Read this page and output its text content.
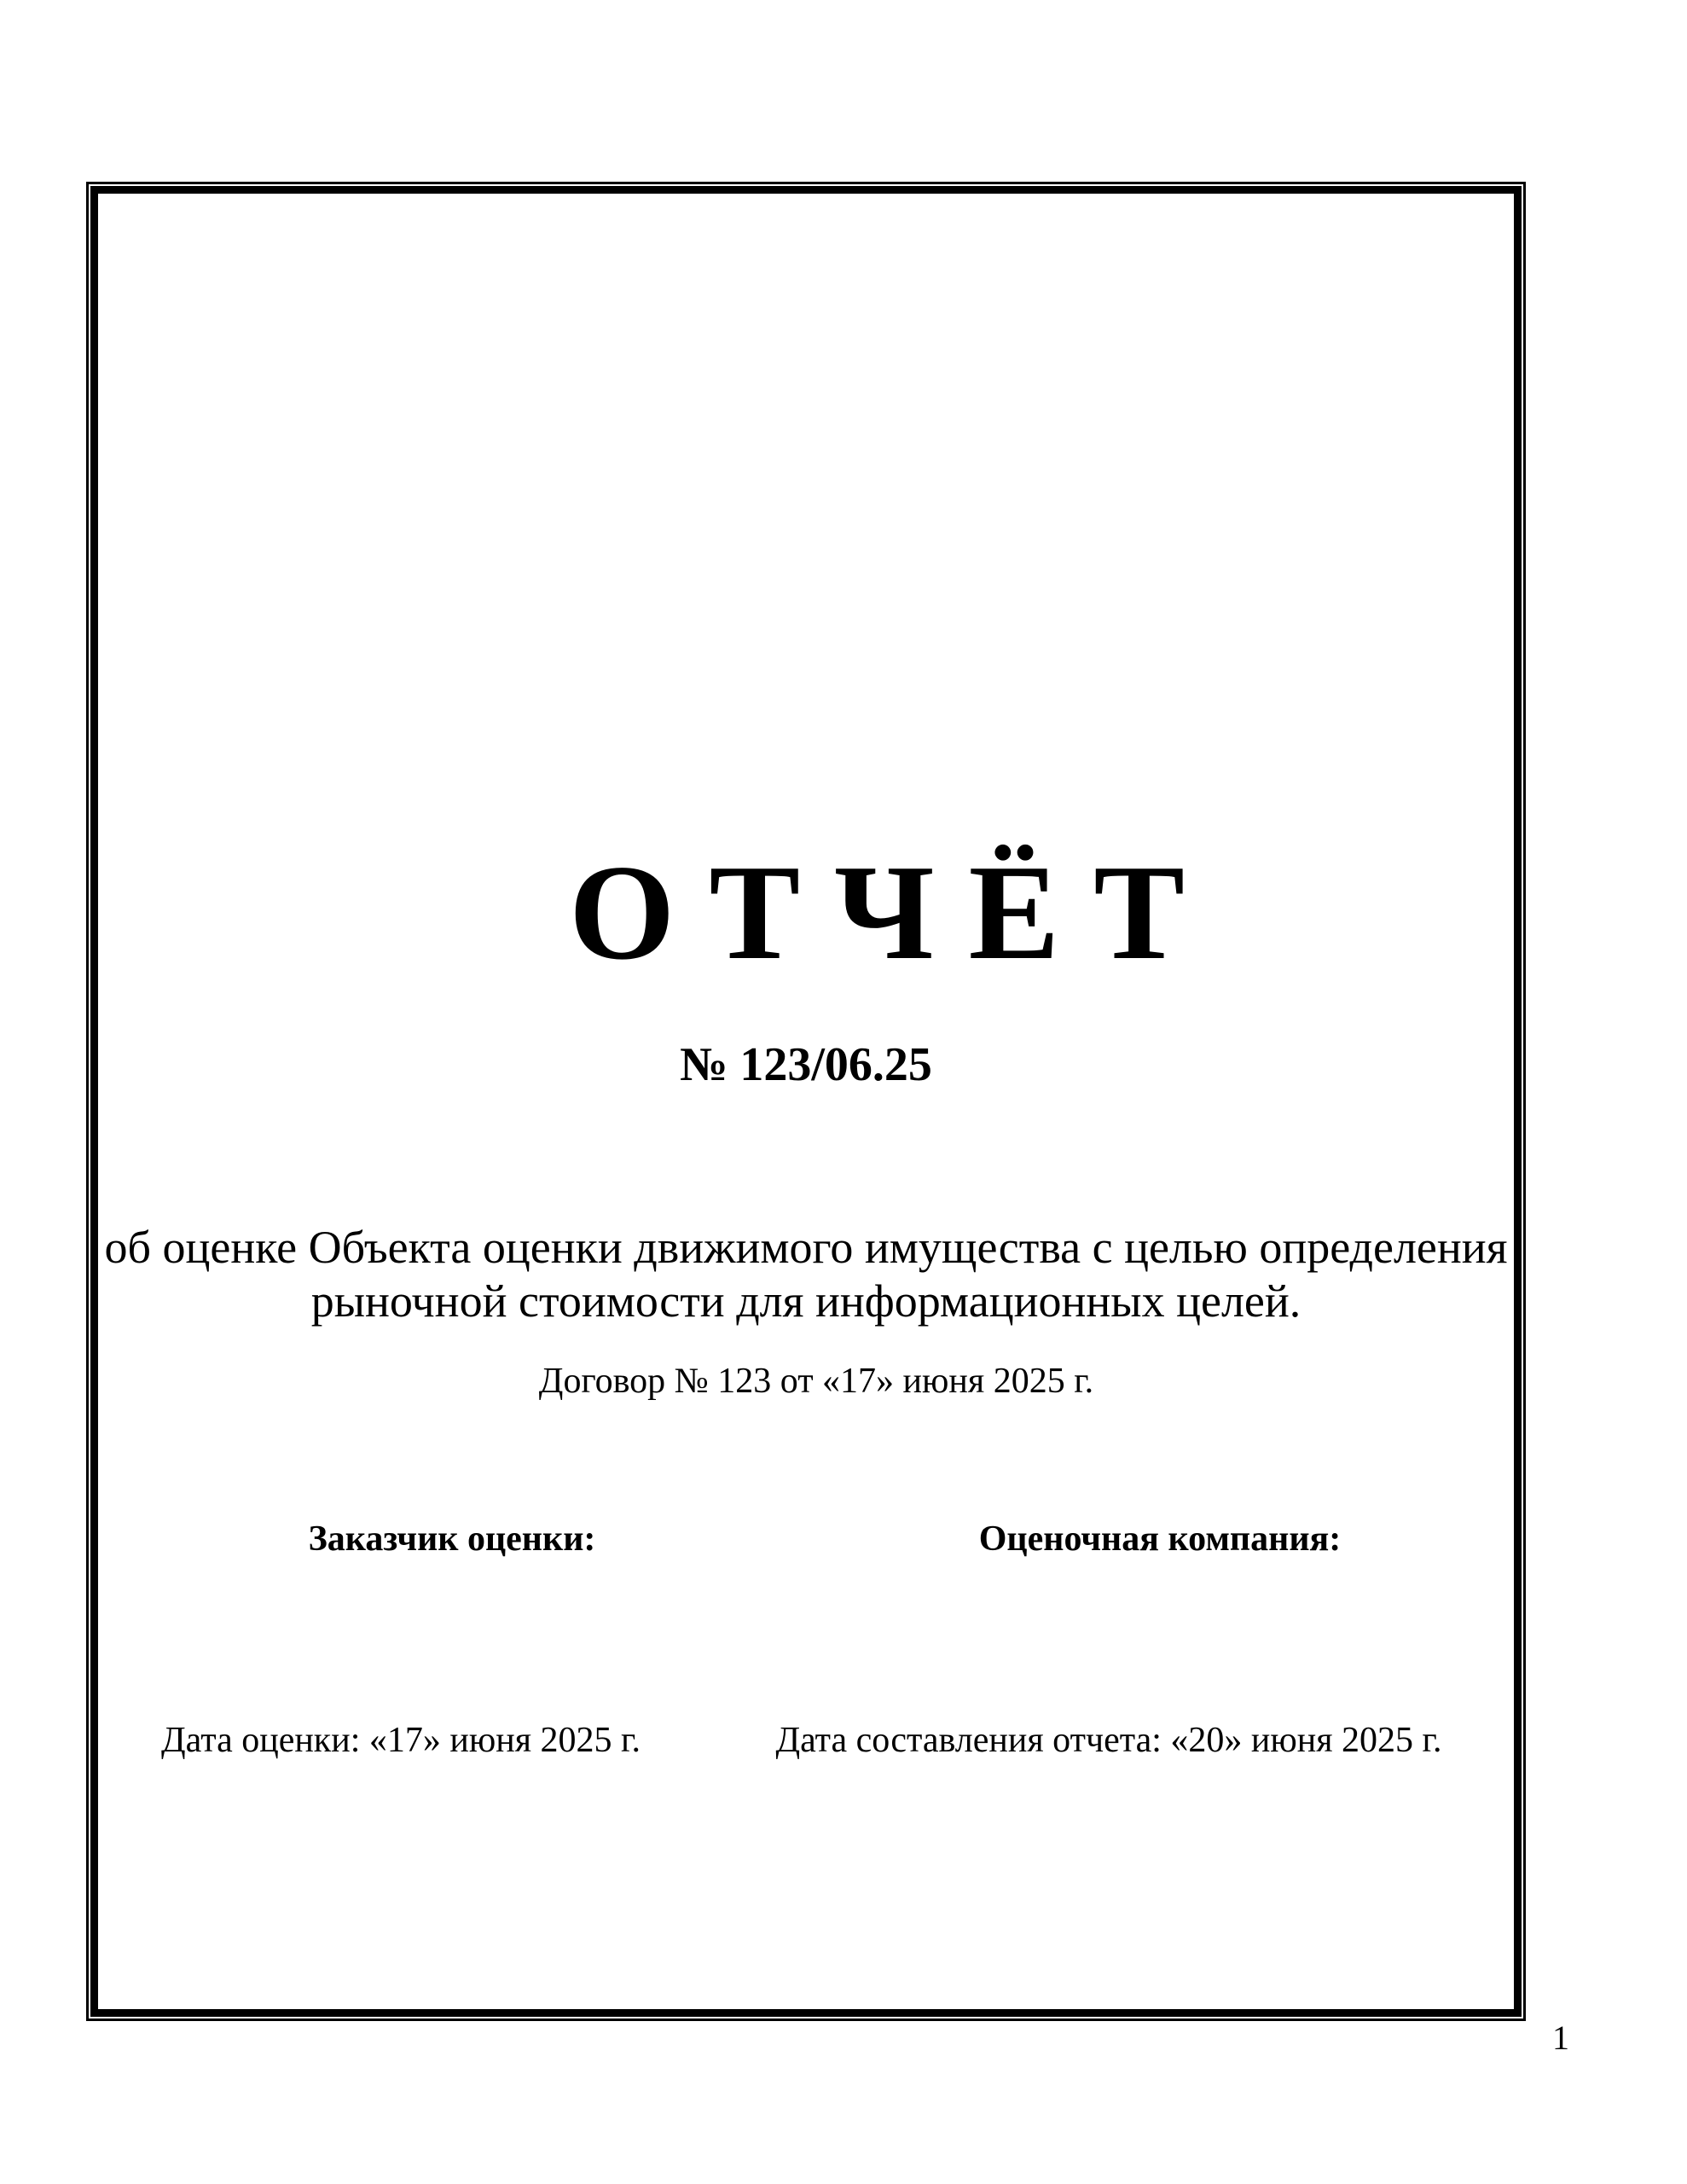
О Т Ч Ё Т
№ 123/06.25
об оценке Объекта оценки движимого имущества с целью определения
рыночной стоимости для информационных целей.
Договор № 123 от «17» июня 2025 г.
Заказчик оценки:	Оценочная компания:
Дата оценки: «17» июня 2025 г.	Дата составления отчета: «20» июня 2025 г.
1
